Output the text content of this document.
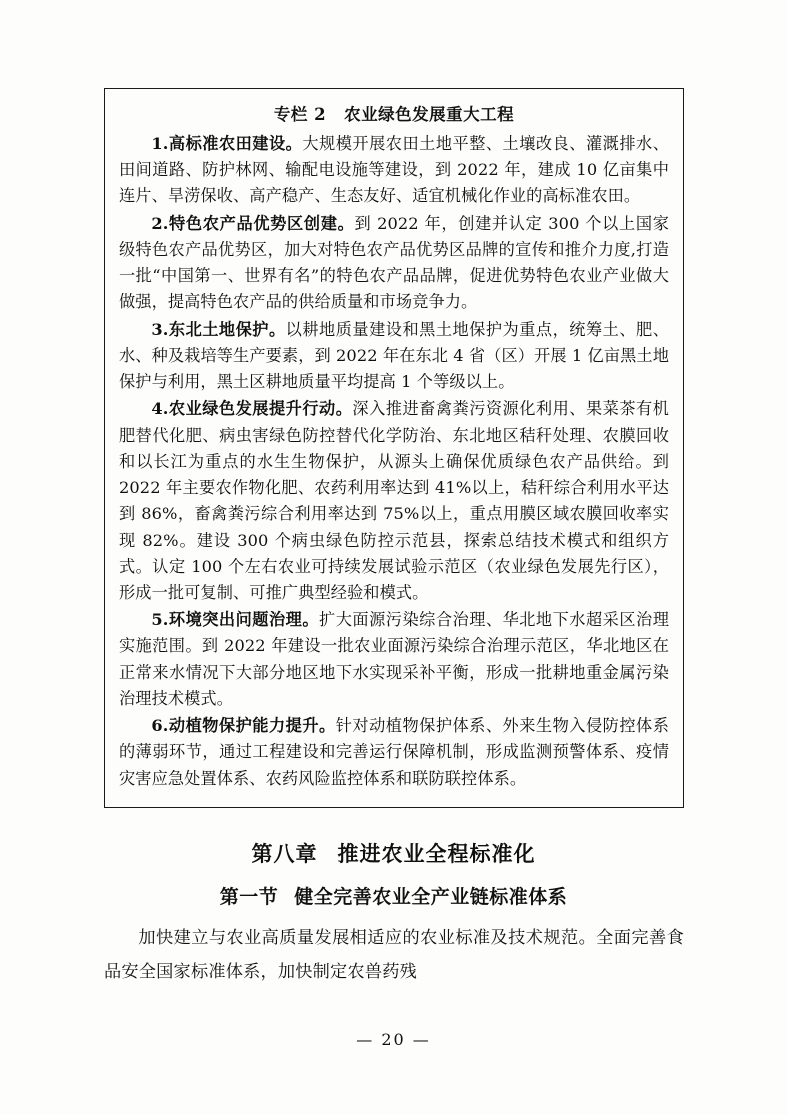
专栏 2 农业绿色发展重大工程

1.高标准农田建设。大规模开展农田土地平整、土壤改良、灌溉排水、田间道路、防护林网、输配电设施等建设，到 2022 年，建成 10 亿亩集中连片、旱涝保收、高产稳产、生态友好、适宜机械化作业的高标准农田。

2.特色农产品优势区创建。到 2022 年，创建并认定 300 个以上国家级特色农产品优势区，加大对特色农产品优势区品牌的宣传和推介力度,打造一批“中国第一、世界有名”的特色农产品品牌，促进优势特色农业产业做大做强，提高特色农产品的供给质量和市场竞争力。

3.东北土地保护。以耕地质量建设和黑土地保护为重点，统筹土、肥、水、种及栽培等生产要素，到 2022 年在东北 4 省（区）开展 1 亿亩黑土地保护与利用，黑土区耕地质量平均提高 1 个等级以上。

4.农业绿色发展提升行动。深入推进畜禽粪污资源化利用、果菜茶有机肥替代化肥、病虫害绿色防控替代化学防治、东北地区秸秆处理、农膜回收和以长江为重点的水生生物保护，从源头上确保优质绿色农产品供给。到 2022 年主要农作物化肥、农药利用率达到 41%以上，秸秆综合利用水平达到 86%，畜禽粪污综合利用率达到 75%以上，重点用膜区域农膜回收率实现 82%。建设 300 个病虫绿色防控示范县，探索总结技术模式和组织方式。认定 100 个左右农业可持续发展试验示范区（农业绿色发展先行区），形成一批可复制、可推广典型经验和模式。

5.环境突出问题治理。扩大面源污染综合治理、华北地下水超采区治理实施范围。到 2022 年建设一批农业面源污染综合治理示范区，华北地区在正常来水情况下大部分地区地下水实现采补平衡，形成一批耕地重金属污染治理技术模式。

6.动植物保护能力提升。针对动植物保护体系、外来生物入侵防控体系的薄弱环节，通过工程建设和完善运行保障机制，形成监测预警体系、疫情灾害应急处置体系、农药风险监控体系和联防联控体系。

第八章 推进农业全程标准化
第一节 健全完善农业全产业链标准体系
加快建立与农业高质量发展相适应的农业标准及技术规范。全面完善食品安全国家标准体系，加快制定农兽药残
— 20 —
